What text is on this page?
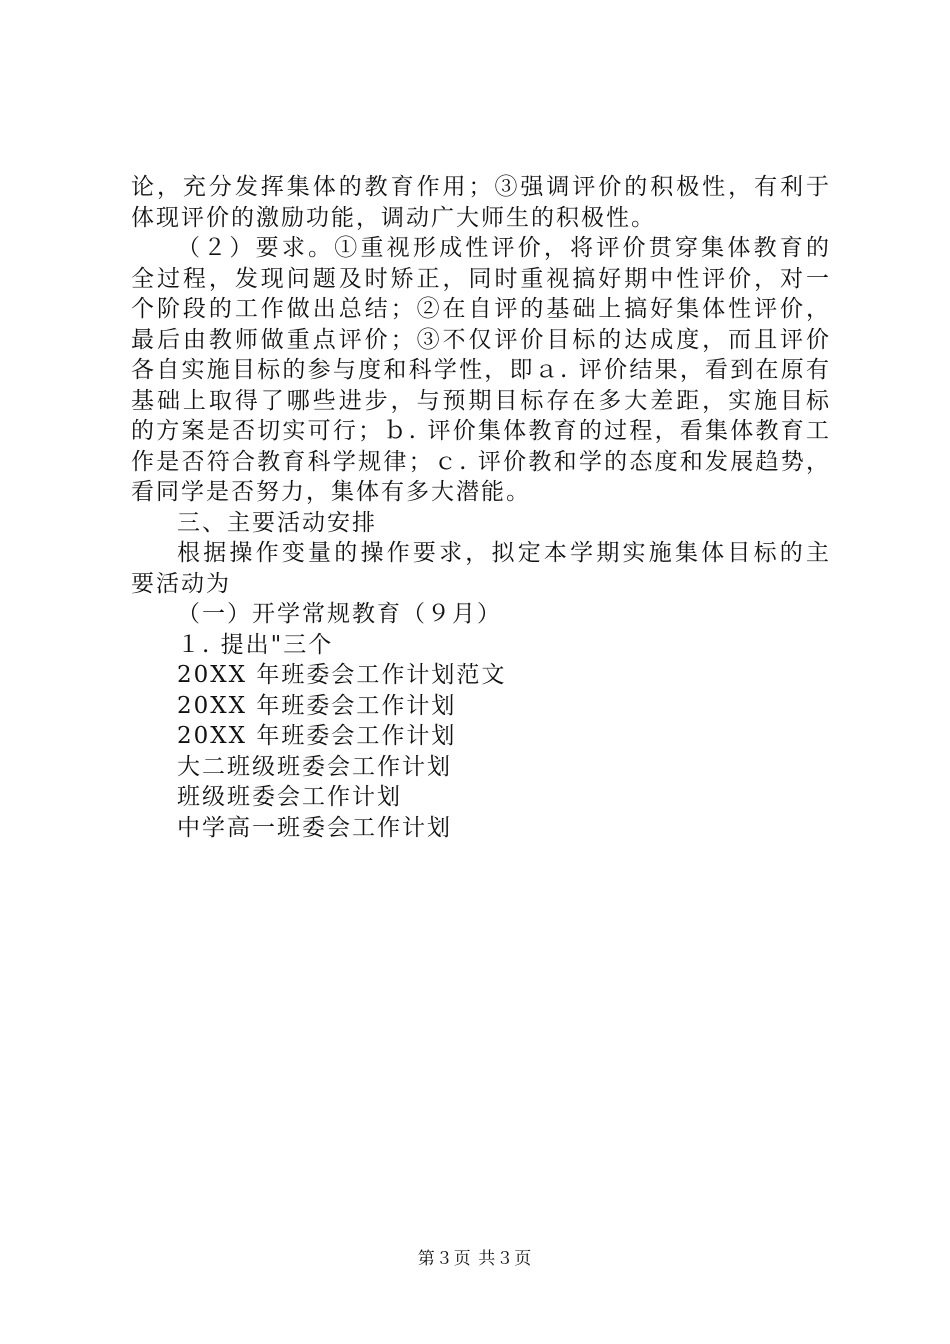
论，充分发挥集体的教育作用；③强调评价的积极性，有利于
体现评价的激励功能，调动广大师生的积极性。
（２）要求。①重视形成性评价，将评价贯穿集体教育的
全过程，发现问题及时矫正，同时重视搞好期中性评价，对一
个阶段的工作做出总结；②在自评的基础上搞好集体性评价，
最后由教师做重点评价；③不仅评价目标的达成度，而且评价
各自实施目标的参与度和科学性，即ａ. 评价结果，看到在原有
基础上取得了哪些进步，与预期目标存在多大差距，实施目标
的方案是否切实可行；ｂ. 评价集体教育的过程，看集体教育工
作是否符合教育科学规律；ｃ. 评价教和学的态度和发展趋势，
看同学是否努力，集体有多大潜能。
三、主要活动安排
根据操作变量的操作要求，拟定本学期实施集体目标的主
要活动为
（一）开学常规教育（９月）
１. 提出"三个
20XX 年班委会工作计划范文
20XX 年班委会工作计划
20XX 年班委会工作计划
大二班级班委会工作计划
班级班委会工作计划
中学高一班委会工作计划
第３页 共３页
